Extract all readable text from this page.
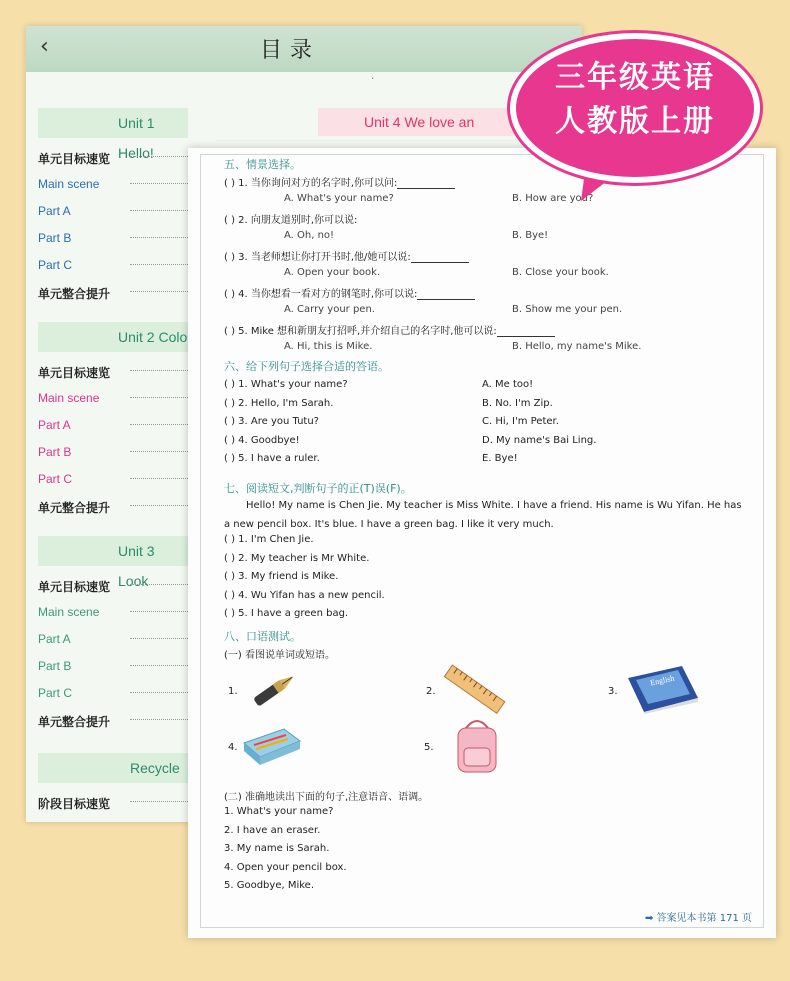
‹	目录
·
Unit 4 We love an
Unit 1 Hello!
单元目标速览
Main scene
Part A
Part B
Part C
单元整合提升
Unit 2 Colo
单元目标速览
Main scene
Part A
Part B
Part C
单元整合提升
Unit 3 Look
单元目标速览
Main scene
Part A
Part B
Part C
单元整合提升
Recycle
阶段目标速览
五、情景选择。
六、给下列句子选择合适的答语。
七、阅读短文,判断句子的正(T)误(F)。
Hello! My name is Chen Jie. My teacher is Miss White. I have a friend. His name is Wu Yifan. He has a new pencil box. It's blue. I have a green bag. I like it very much.
八、口语测试。
(一) 看图说单词或短语。
1.	2.	3.
English
4.	5.
(二) 准确地读出下面的句子,注意语音、语调。
➡ 答案见本书第 171 页
( ) 1. 当你询问对方的名字时,你可以问:
A. What's your name?	B. How are you?
( ) 2. 向朋友道别时,你可以说:
A. Oh, no!	B. Bye!
( ) 3. 当老师想让你打开书时,他/她可以说:
A. Open your book.	B. Close your book.
( ) 4. 当你想看一看对方的钢笔时,你可以说:
A. Carry your pen.	B. Show me your pen.
( ) 5. Mike 想和新朋友打招呼,并介绍自己的名字时,他可以说:
A. Hi, this is Mike.	B. Hello, my name's Mike.
( ) 1. What's your name?	A. Me too!
( ) 2. Hello, I'm Sarah.	B. No. I'm Zip.
( ) 3. Are you Tutu?	C. Hi, I'm Peter.
( ) 4. Goodbye!	D. My name's Bai Ling.
( ) 5. I have a ruler.	E. Bye!
( ) 1. I'm Chen Jie.
( ) 2. My teacher is Mr White.
( ) 3. My friend is Mike.
( ) 4. Wu Yifan has a new pencil.
( ) 5. I have a green bag.
1. What's your name?
2. I have an eraser.
3. My name is Sarah.
4. Open your pencil box.
5. Goodbye, Mike.
三年级英语
人教版上册
